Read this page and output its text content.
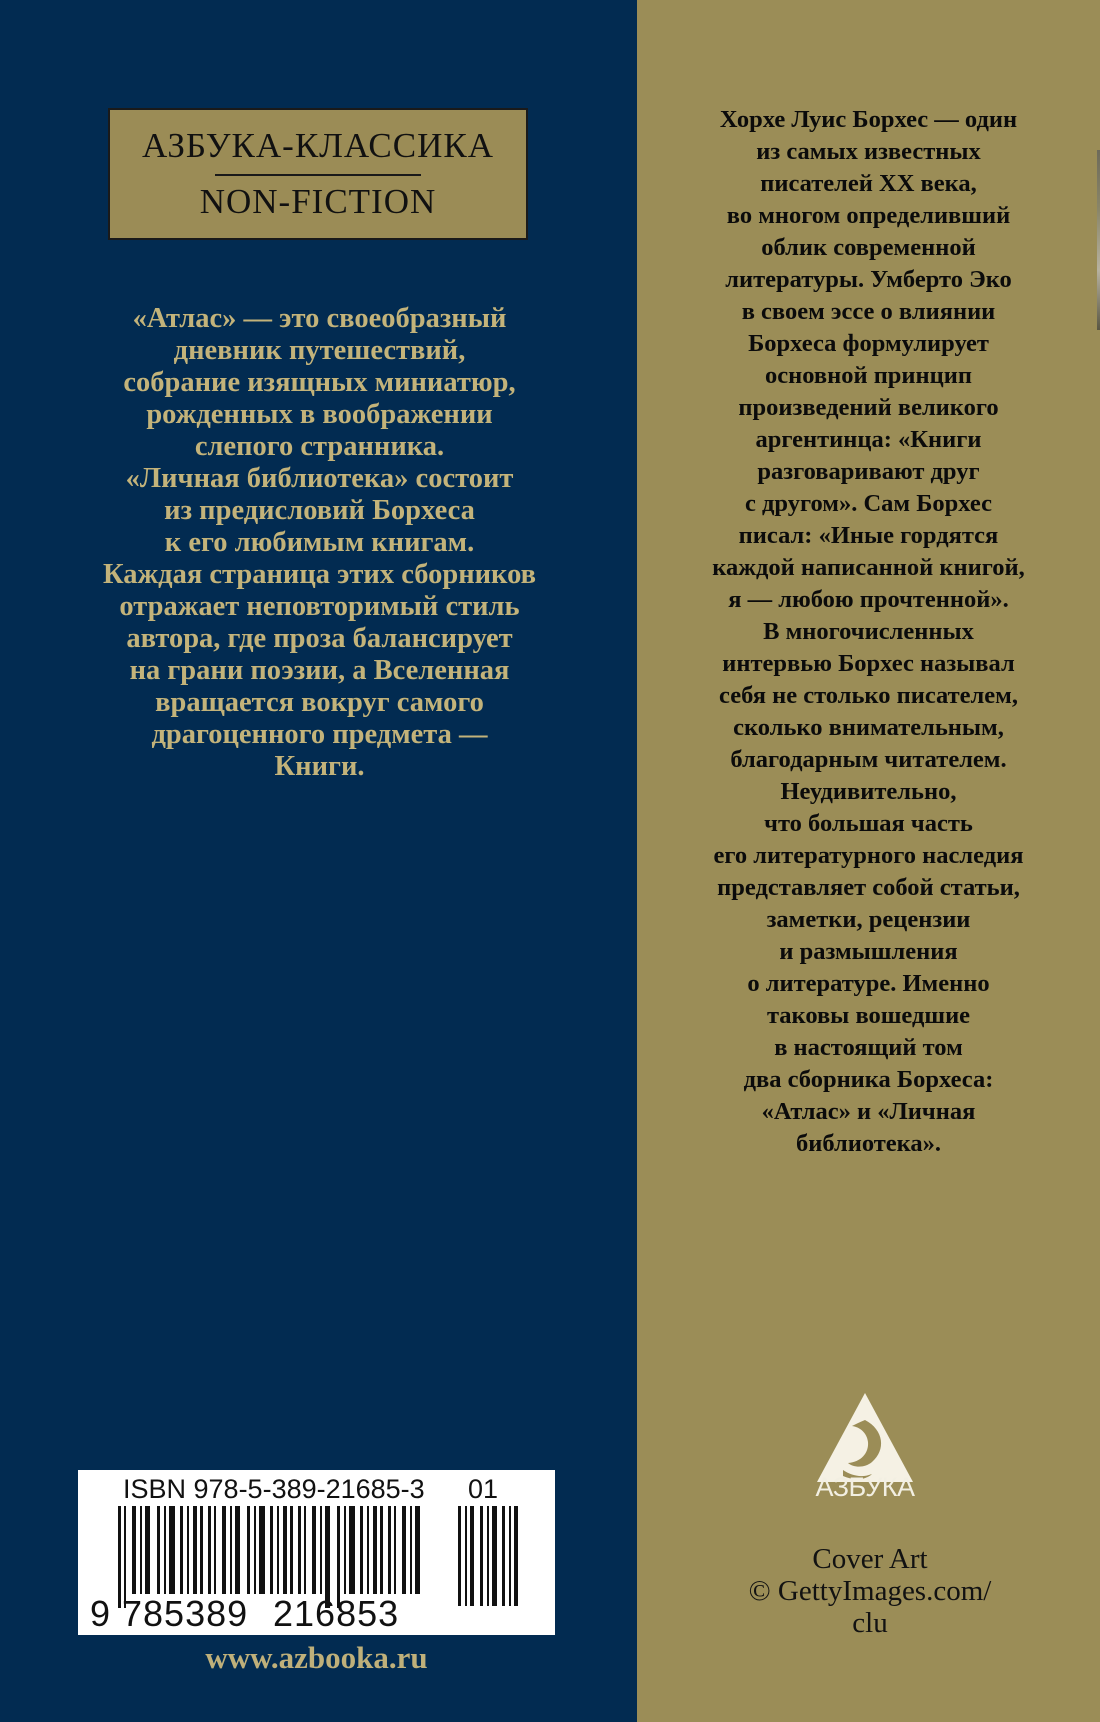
АЗБУКА-КЛАССИКА
NON-FICTION
«Атлас» — это своеобразный
дневник путешествий,
собрание изящных миниатюр,
рожденных в воображении
слепого странника.
«Личная библиотека» состоит
из предисловий Борхеса
к его любимым книгам.
Каждая страница этих сборников
отражает неповторимый стиль
автора, где проза балансирует
на грани поэзии, а Вселенная
вращается вокруг самого
драгоценного предмета —
Книги.
Хорхе Луис Борхес — один
из самых известных
писателей XX века,
во многом определивший
облик современной
литературы. Умберто Эко
в своем эссе о влиянии
Борхеса формулирует
основной принцип
произведений великого
аргентинца: «Книги
разговаривают друг
с другом». Сам Борхес
писал: «Иные гордятся
каждой написанной книгой,
я — любою прочтенной».
В многочисленных
интервью Борхес называл
себя не столько писателем,
сколько внимательным,
благодарным читателем.
Неудивительно,
что большая часть
его литературного наследия
представляет собой статьи,
заметки, рецензии
и размышления
о литературе. Именно
таковы вошедшие
в настоящий том
два сборника Борхеса:
«Атлас» и «Личная
библиотека».
ISBN 978-5-389-21685-3 01
9 785389 216853
www.azbooka.ru
АЗБУКА
Cover Art
© GettyImages.com/
clu
